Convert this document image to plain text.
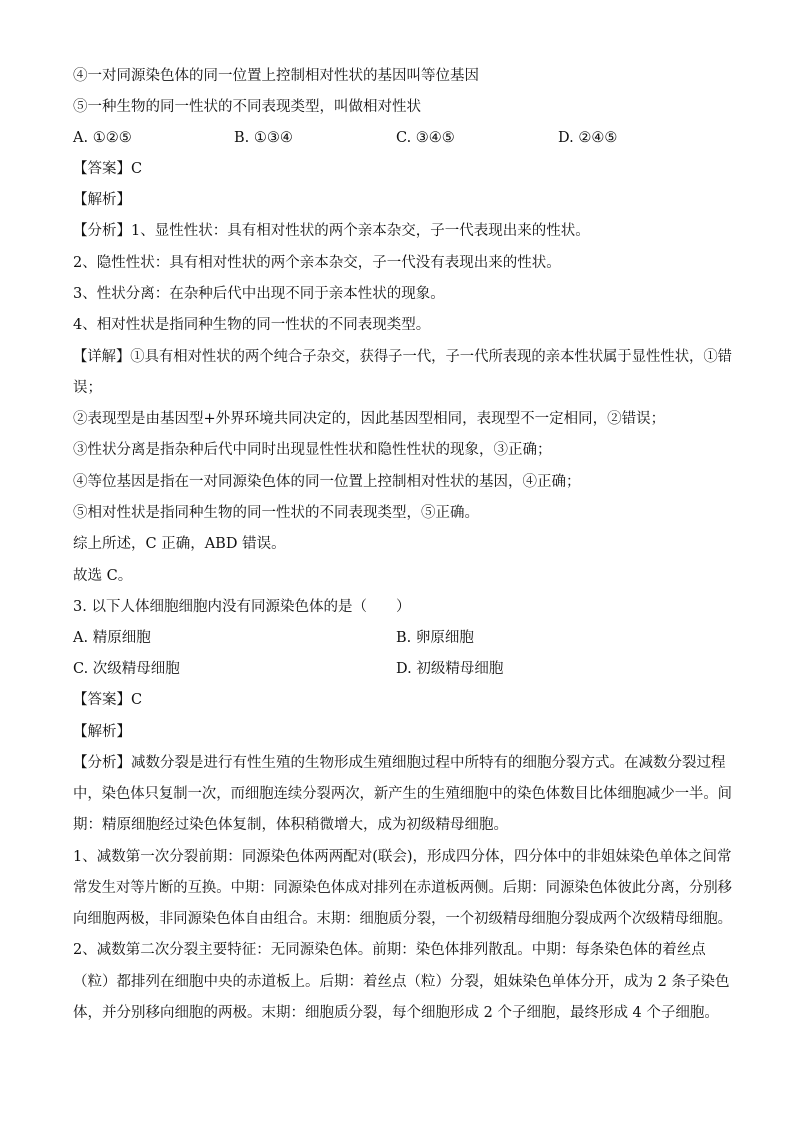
④一对同源染色体的同一位置上控制相对性状的基因叫等位基因
⑤一种生物的同一性状的不同表现类型，叫做相对性状
A. ①②⑤	B. ①③④	C. ③④⑤	D. ②④⑤
【答案】C
【解析】
【分析】1、显性性状：具有相对性状的两个亲本杂交，子一代表现出来的性状。
2、隐性性状：具有相对性状的两个亲本杂交，子一代没有表现出来的性状。
3、性状分离：在杂种后代中出现不同于亲本性状的现象。
4、相对性状是指同种生物的同一性状的不同表现类型。
【详解】①具有相对性状的两个纯合子杂交，获得子一代，子一代所表现的亲本性状属于显性性状，①错
误；
②表现型是由基因型+外界环境共同决定的，因此基因型相同，表现型不一定相同，②错误；
③性状分离是指杂种后代中同时出现显性性状和隐性性状的现象，③正确；
④等位基因是指在一对同源染色体的同一位置上控制相对性状的基因，④正确；
⑤相对性状是指同种生物的同一性状的不同表现类型，⑤正确。
综上所述，C 正确，ABD 错误。
故选 C。
3. 以下人体细胞细胞内没有同源染色体的是（　　）
A. 精原细胞	B. 卵原细胞
C. 次级精母细胞	D. 初级精母细胞
【答案】C
【解析】
【分析】减数分裂是进行有性生殖的生物形成生殖细胞过程中所特有的细胞分裂方式。在减数分裂过程
中，染色体只复制一次，而细胞连续分裂两次，新产生的生殖细胞中的染色体数目比体细胞减少一半。间
期：精原细胞经过染色体复制，体积稍微增大，成为初级精母细胞。
1、减数第一次分裂前期：同源染色体两两配对(联会)，形成四分体，四分体中的非姐妹染色单体之间常
常发生对等片断的互换。中期：同源染色体成对排列在赤道板两侧。后期：同源染色体彼此分离，分别移
向细胞两极，非同源染色体自由组合。末期：细胞质分裂，一个初级精母细胞分裂成两个次级精母细胞。
2、减数第二次分裂主要特征：无同源染色体。前期：染色体排列散乱。中期：每条染色体的着丝点
（粒）都排列在细胞中央的赤道板上。后期：着丝点（粒）分裂，姐妹染色单体分开，成为 2 条子染色
体，并分别移向细胞的两极。末期：细胞质分裂，每个细胞形成 2 个子细胞，最终形成 4 个子细胞。
